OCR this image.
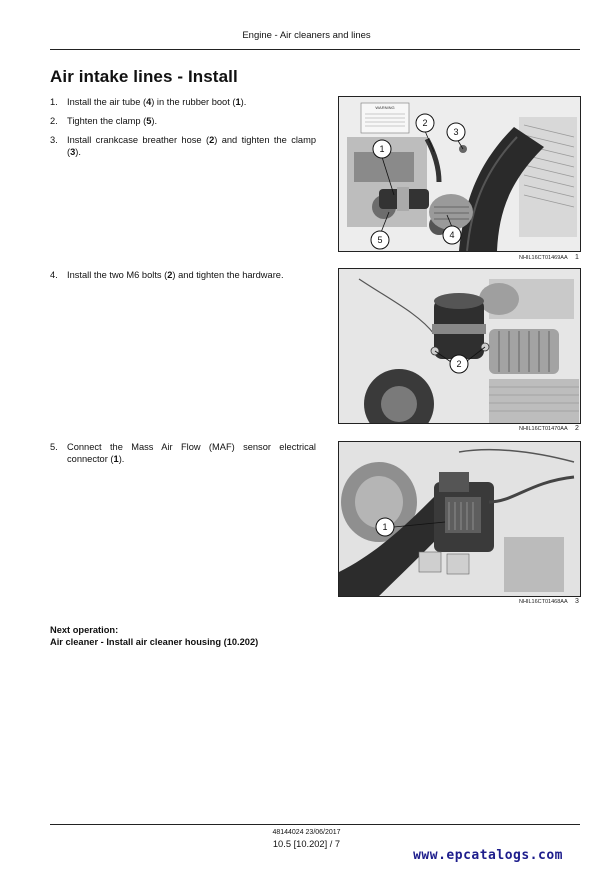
Engine - Air cleaners and lines
Air intake lines - Install
1. Install the air tube (4) in the rubber boot (1).
2. Tighten the clamp (5).
3. Install crankcase breather hose (2) and tighten the clamp (3).
WARNING
1
2
3
4
5
NHIL16CT01469AA 1
4. Install the two M6 bolts (2) and tighten the hardware.
2
NHIL16CT01470AA 2
5. Connect the Mass Air Flow (MAF) sensor electrical connector (1).
1
NHIL16CT01468AA 3
Next operation:
Air cleaner - Install air cleaner housing (10.202)
48144024 23/06/2017
10.5 [10.202] / 7
www.epcatalogs.com
